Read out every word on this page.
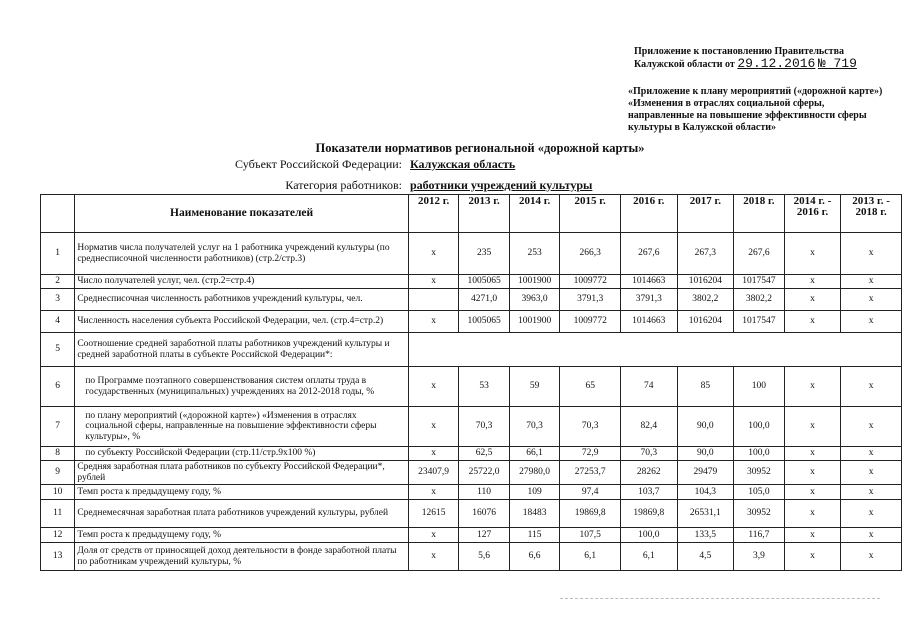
Приложение к постановлению Правительства
Калужской области от 29.12.2016 № 719
«Приложение к плану мероприятий («дорожной карте»)
«Изменения в отраслях социальной сферы,
направленные на повышение эффективности сферы
культуры в Калужской области»
Показатели нормативов региональной «дорожной карты»
Субъект Российской Федерации: Калужская область
Категория работников: работники учреждений культуры
	Наименование показателей	2012 г.	2013 г.	2014 г.	2015 г.	2016 г.	2017 г.	2018 г.	2014 г. - 2016 г.	2013 г. - 2018 г.
1	Норматив числа получателей услуг на 1 работника учреждений культуры (по среднесписочной численности работников) (стр.2/стр.3)	х	235	253	266,3	267,6	267,3	267,6	х	х
2	Число получателей услуг, чел. (стр.2=стр.4)	х	1005065	1001900	1009772	1014663	1016204	1017547	х	х
3	Среднесписочная численность работников учреждений культуры, чел.		4271,0	3963,0	3791,3	3791,3	3802,2	3802,2	х	х
4	Численность населения субъекта Российской Федерации, чел. (стр.4=стр.2)	х	1005065	1001900	1009772	1014663	1016204	1017547	х	х
5	Соотношение средней заработной платы работников учреждений культуры и средней заработной платы в субъекте Российской Федерации*:									
6	по Программе поэтапного совершенствования систем оплаты труда в государственных (муниципальных) учреждениях на 2012-2018 годы, %	х	53	59	65	74	85	100	х	х
7	по плану мероприятий («дорожной карте») «Изменения в отраслях социальной сферы, направленные на повышение эффективности сферы культуры», %	х	70,3	70,3	70,3	82,4	90,0	100,0	х	х
8	по субъекту Российской Федерации (стр.11/стр.9х100 %)	х	62,5	66,1	72,9	70,3	90,0	100,0	х	х
9	Средняя заработная плата работников по субъекту Российской Федерации*, рублей	23407,9	25722,0	27980,0	27253,7	28262	29479	30952	х	х
10	Темп роста к предыдущему году, %	х	110	109	97,4	103,7	104,3	105,0	х	х
11	Среднемесячная заработная плата работников учреждений культуры, рублей	12615	16076	18483	19869,8	19869,8	26531,1	30952	х	х
12	Темп роста к предыдущему году, %	х	127	115	107,5	100,0	133,5	116,7	х	х
13	Доля от средств от приносящей доход деятельности в фонде заработной платы по работникам учреждений культуры, %	х	5,6	6,6	6,1	6,1	4,5	3,9	х	х
